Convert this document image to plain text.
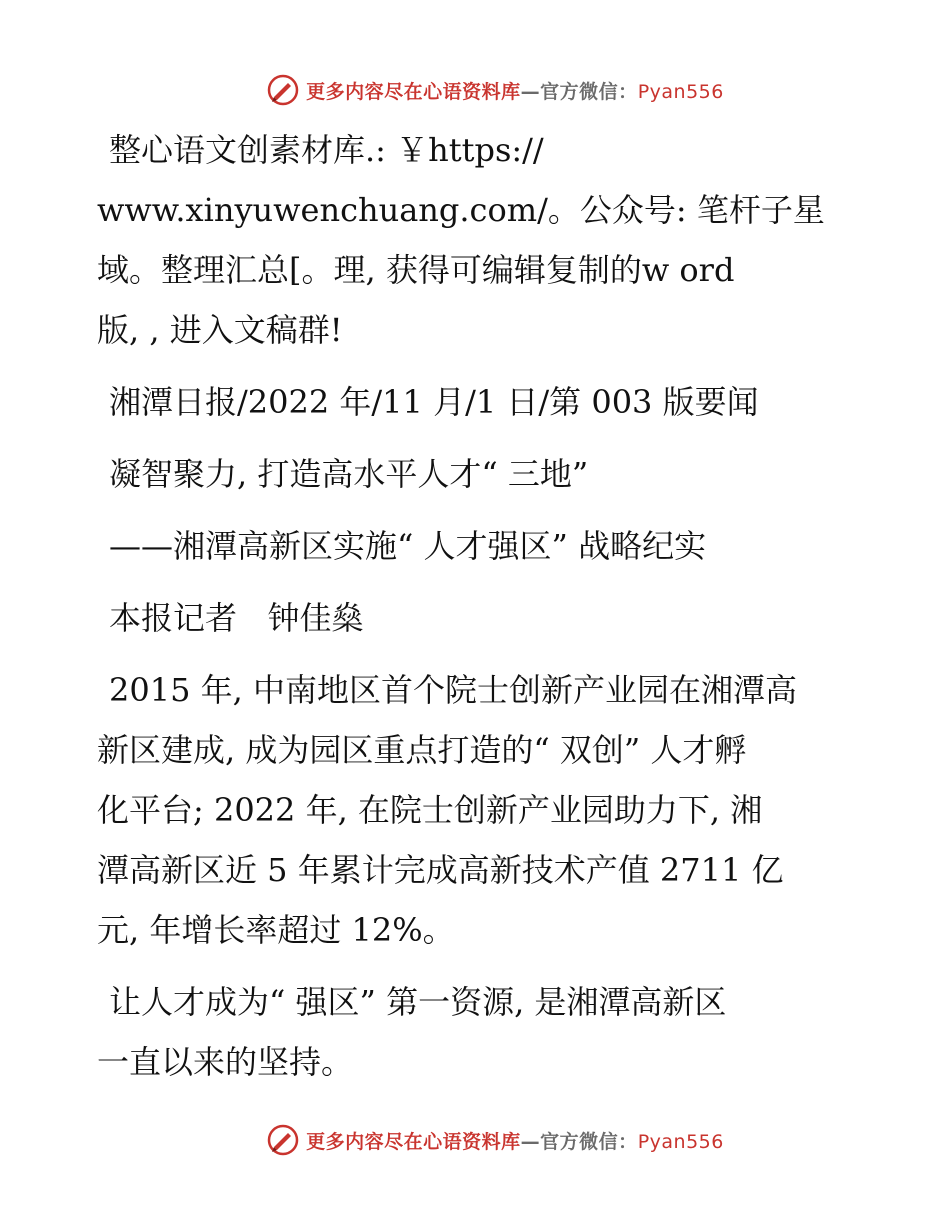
更多内容尽在心语资料库—官方微信：Pyan556

整心语文创素材库.: ￥https://

www.xinyuwenchuang.com/。公众号: 笔杆子星

域。整理汇总[。理, 获得可编辑复制的w ord

版, , 进入文稿群!

湘潭日报/2022 年/11 月/1 日/第 003 版要闻

凝智聚力, 打造高水平人才“ 三地”

——湘潭高新区实施“ 人才强区” 战略纪实

本报记者   钟佳燊

2015 年, 中南地区首个院士创新产业园在湘潭高

新区建成, 成为园区重点打造的“ 双创” 人才孵

化平台; 2022 年, 在院士创新产业园助力下, 湘

潭高新区近 5 年累计完成高新技术产值 2711 亿

元, 年增长率超过 12%。

让人才成为“ 强区” 第一资源, 是湘潭高新区

一直以来的坚持。

更多内容尽在心语资料库—官方微信：Pyan556
